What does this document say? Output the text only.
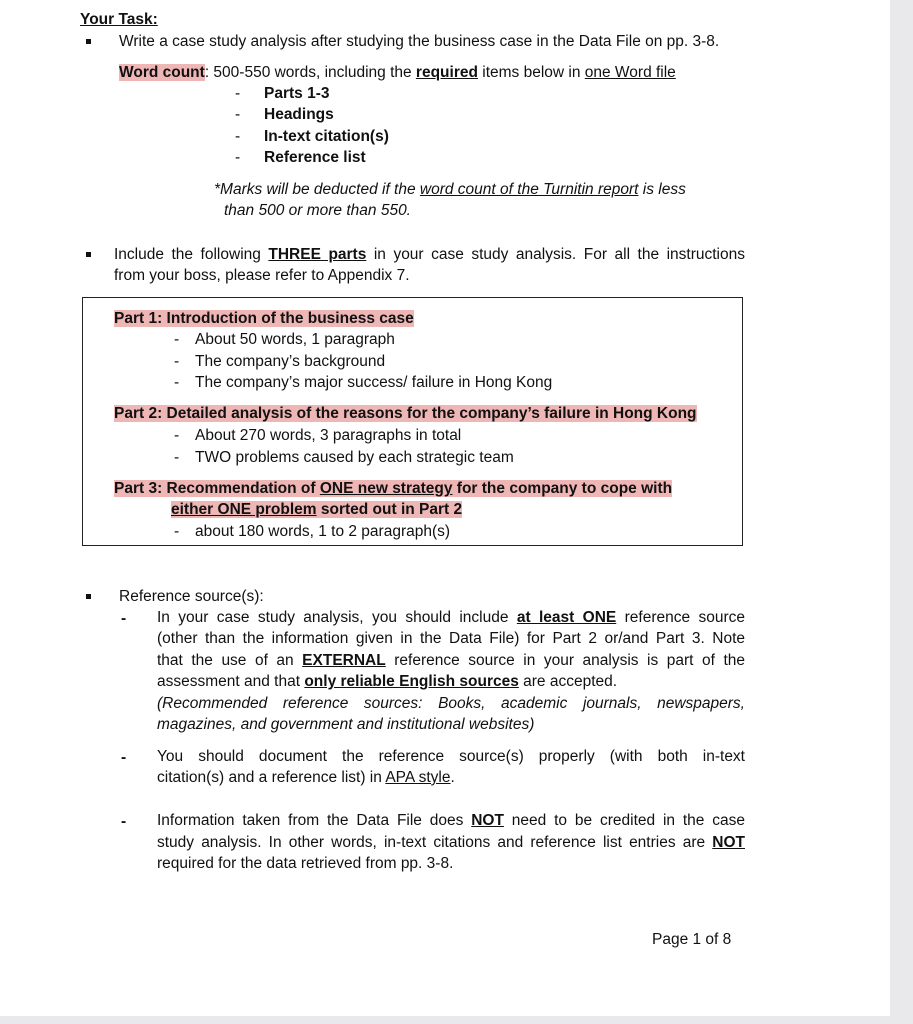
Your Task:
Write a case study analysis after studying the business case in the Data File on pp. 3-8.
Word count: 500-550 words, including the required items below in one Word file
- Parts 1-3
- Headings
- In-text citation(s)
- Reference list
*Marks will be deducted if the word count of the Turnitin report is less
than 500 or more than 550.
Include the following THREE parts in your case study analysis. For all the instructions
from your boss, please refer to Appendix 7.
Part 1: Introduction of the business case
- About 50 words, 1 paragraph
- The company’s background
- The company’s major success/ failure in Hong Kong
Part 2: Detailed analysis of the reasons for the company’s failure in Hong Kong
- About 270 words, 3 paragraphs in total
- TWO problems caused by each strategic team
Part 3: Recommendation of ONE new strategy for the company to cope with
either ONE problem sorted out in Part 2
- about 180 words, 1 to 2 paragraph(s)
Reference source(s):
- In your case study analysis, you should include at least ONE reference source
(other than the information given in the Data File) for Part 2 or/and Part 3. Note
that the use of an EXTERNAL reference source in your analysis is part of the
assessment and that only reliable English sources are accepted.
(Recommended reference sources: Books, academic journals, newspapers,
magazines, and government and institutional websites)
- You should document the reference source(s) properly (with both in-text
citation(s) and a reference list) in APA style.
- Information taken from the Data File does NOT need to be credited in the case
study analysis. In other words, in-text citations and reference list entries are NOT
required for the data retrieved from pp. 3-8.
Page 1 of 8
